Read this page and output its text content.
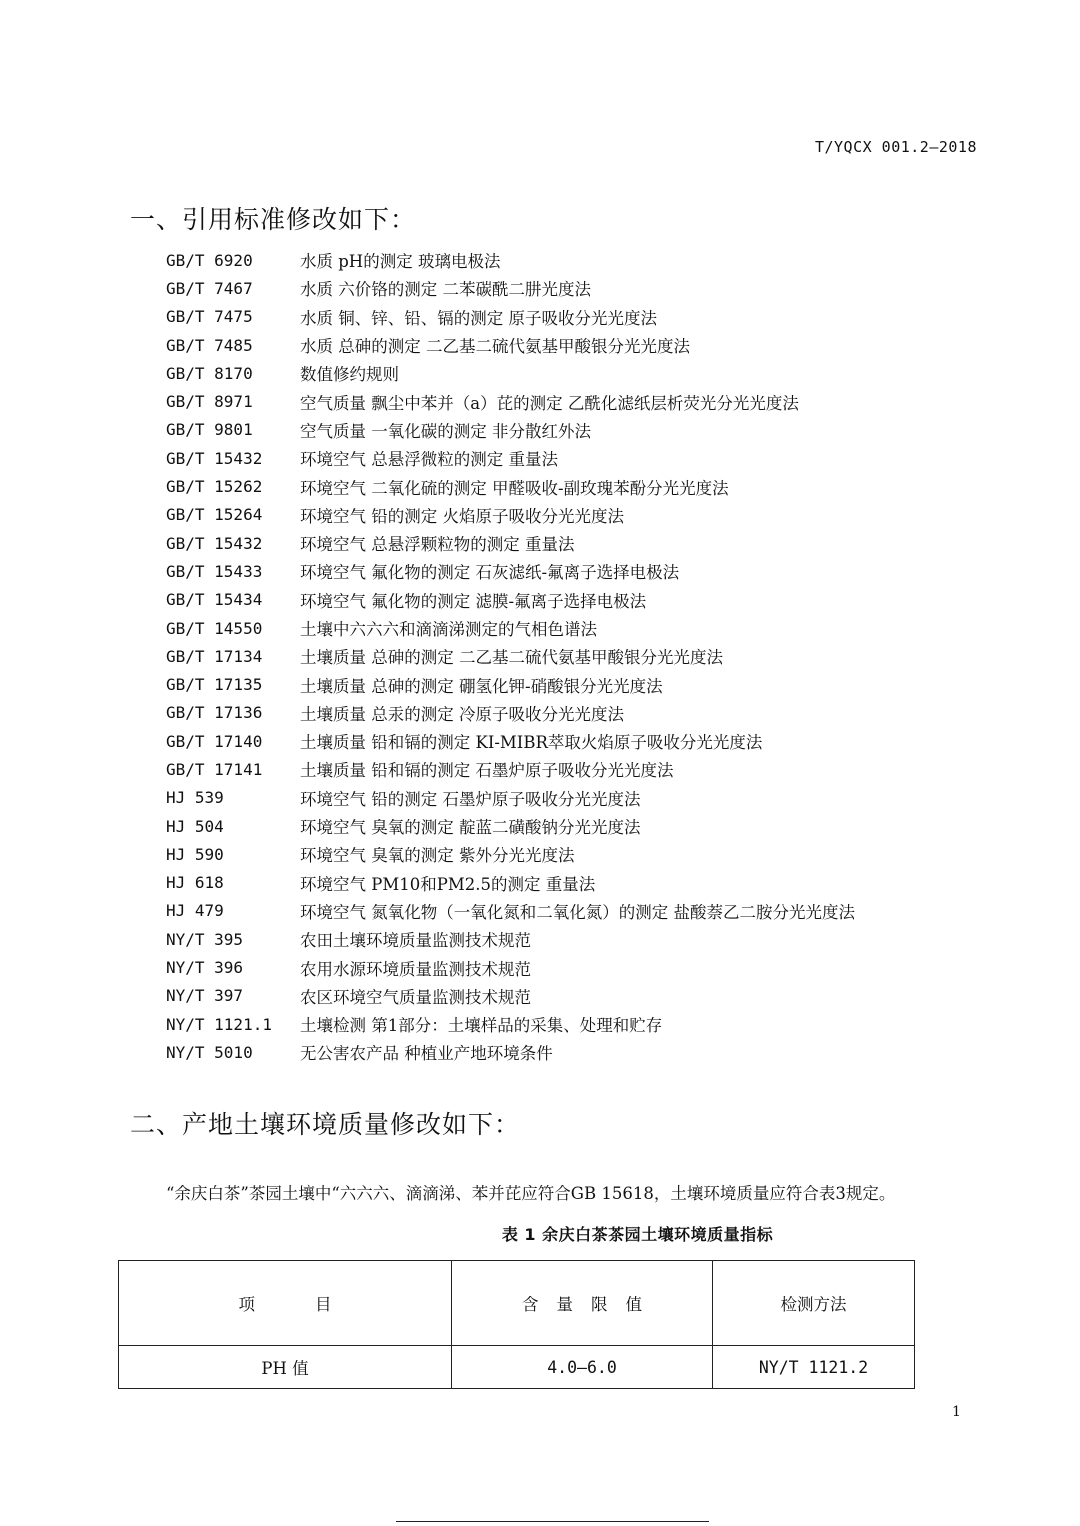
T/YQCX 001.2—2018
一、引用标准修改如下：
GB/T 6920	水质 pH的测定 玻璃电极法
GB/T 7467	水质 六价铬的测定 二苯碳酰二肼光度法
GB/T 7475	水质 铜、锌、铅、镉的测定 原子吸收分光光度法
GB/T 7485	水质 总砷的测定 二乙基二硫代氨基甲酸银分光光度法
GB/T 8170	数值修约规则
GB/T 8971	空气质量 飘尘中苯并（a）芘的测定 乙酰化滤纸层析荧光分光光度法
GB/T 9801	空气质量 一氧化碳的测定 非分散红外法
GB/T 15432	环境空气 总悬浮微粒的测定 重量法
GB/T 15262	环境空气 二氧化硫的测定 甲醛吸收-副玫瑰苯酚分光光度法
GB/T 15264	环境空气 铅的测定 火焰原子吸收分光光度法
GB/T 15432	环境空气 总悬浮颗粒物的测定 重量法
GB/T 15433	环境空气 氟化物的测定 石灰滤纸-氟离子选择电极法
GB/T 15434	环境空气 氟化物的测定 滤膜-氟离子选择电极法
GB/T 14550	土壤中六六六和滴滴涕测定的气相色谱法
GB/T 17134	土壤质量 总砷的测定 二乙基二硫代氨基甲酸银分光光度法
GB/T 17135	土壤质量 总砷的测定 硼氢化钾-硝酸银分光光度法
GB/T 17136	土壤质量 总汞的测定 冷原子吸收分光光度法
GB/T 17140	土壤质量 铅和镉的测定 KI-MIBR萃取火焰原子吸收分光光度法
GB/T 17141	土壤质量 铅和镉的测定 石墨炉原子吸收分光光度法
HJ 539	环境空气 铅的测定 石墨炉原子吸收分光光度法
HJ 504	环境空气 臭氧的测定 靛蓝二磺酸钠分光光度法
HJ 590	环境空气 臭氧的测定 紫外分光光度法
HJ 618	环境空气 PM10和PM2.5的测定 重量法
HJ 479	环境空气 氮氧化物（一氧化氮和二氧化氮）的测定 盐酸萘乙二胺分光光度法
NY/T 395	农田土壤环境质量监测技术规范
NY/T 396	农用水源环境质量监测技术规范
NY/T 397	农区环境空气质量监测技术规范
NY/T 1121.1	土壤检测 第1部分：土壤样品的采集、处理和贮存
NY/T 5010	无公害农产品 种植业产地环境条件
二、产地土壤环境质量修改如下：
“余庆白茶”茶园土壤中“六六六、滴滴涕、苯并芘应符合GB 15618，土壤环境质量应符合表3规定。
表 1 余庆白茶茶园土壤环境质量指标
项目	含量限值	检测方法
PH 值	4.0—6.0	NY/T 1121.2
1
